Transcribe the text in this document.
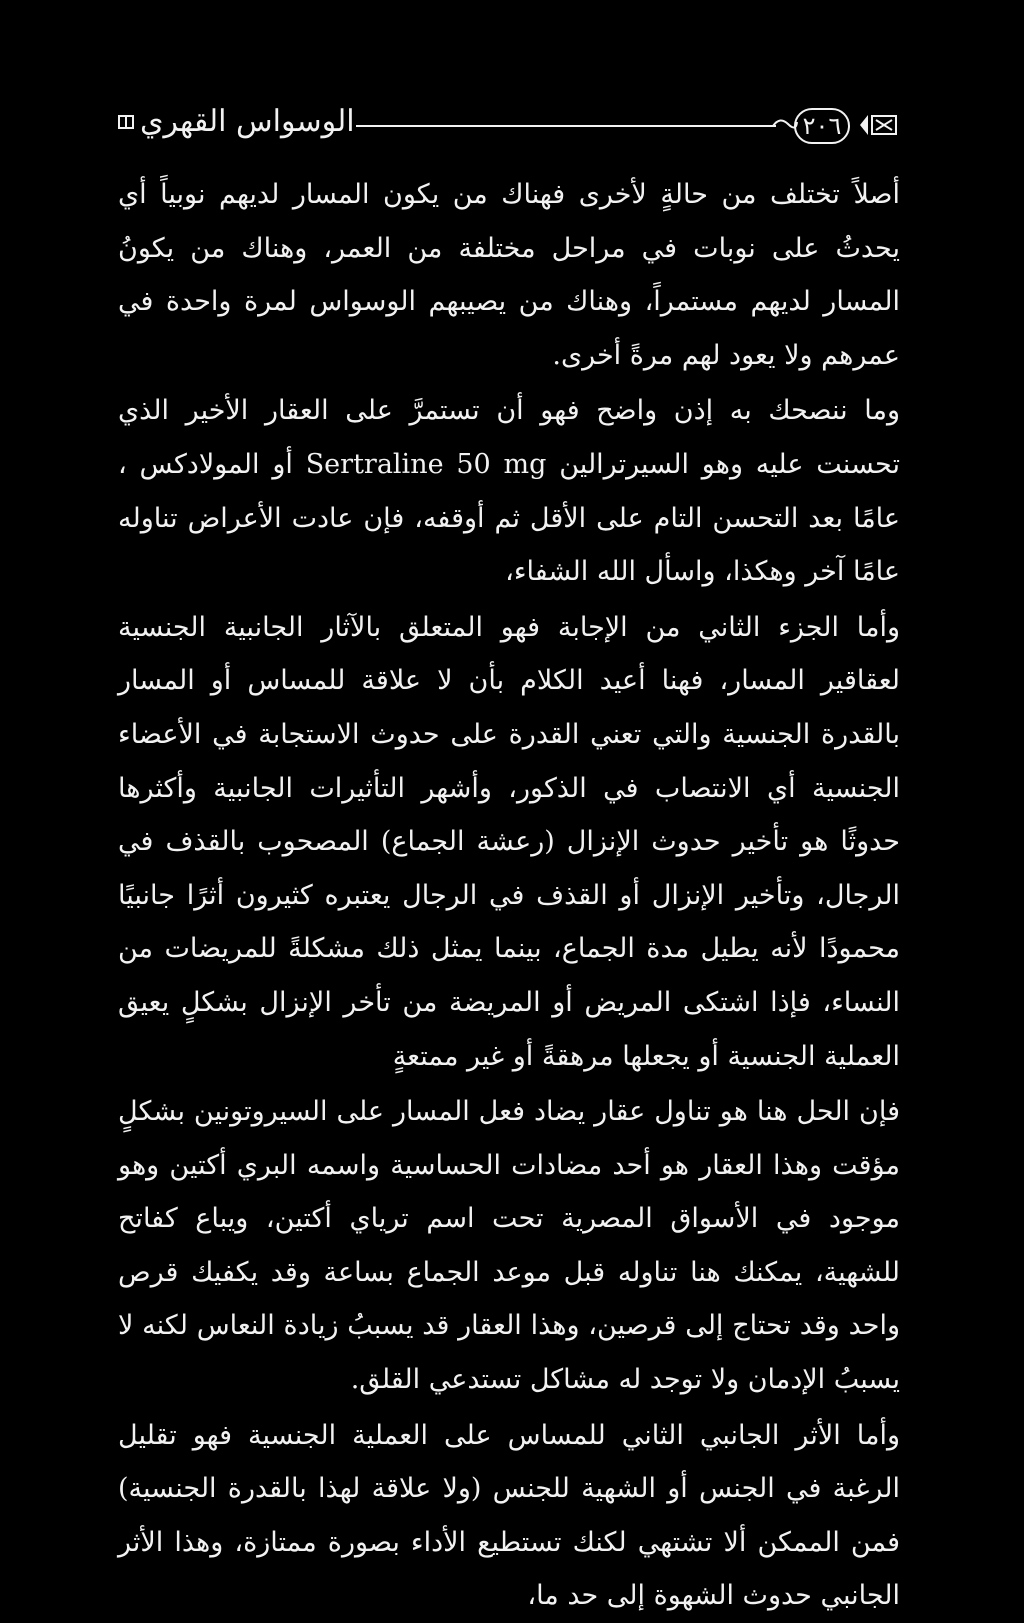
الوسواس القهري	٢٠٦

أصلاً تختلف من حالةٍ لأخرى فهناك من يكون المسار لديهم نوبياً أي يحدثُ على نوبات في مراحل مختلفة من العمر، وهناك من يكونُ المسار لديهم مستمراً، وهناك من يصيبهم الوسواس لمرة واحدة في عمرهم ولا يعود لهم مرةً أخرى.

وما ننصحك به إذن واضح فهو أن تستمرَّ على العقار الأخير الذي تحسنت عليه وهو السيرترالين Sertraline 50 mg أو المولادكس ، عامًا بعد التحسن التام على الأقل ثم أوقفه، فإن عادت الأعراض تناوله عامًا آخر وهكذا، واسأل الله الشفاء،

وأما الجزء الثاني من الإجابة فهو المتعلق بالآثار الجانبية الجنسية لعقاقير المسار، فهنا أعيد الكلام بأن لا علاقة للمساس أو المسار بالقدرة الجنسية والتي تعني القدرة على حدوث الاستجابة في الأعضاء الجنسية أي الانتصاب في الذكور، وأشهر التأثيرات الجانبية وأكثرها حدوثًا هو تأخير حدوث الإنزال (رعشة الجماع) المصحوب بالقذف في الرجال، وتأخير الإنزال أو القذف في الرجال يعتبره كثيرون أثرًا جانبيًا محمودًا لأنه يطيل مدة الجماع، بينما يمثل ذلك مشكلةً للمريضات من النساء، فإذا اشتكى المريض أو المريضة من تأخر الإنزال بشكلٍ يعيق العملية الجنسية أو يجعلها مرهقةً أو غير ممتعةٍ

فإن الحل هنا هو تناول عقار يضاد فعل المسار على السيروتونين بشكلٍ مؤقت وهذا العقار هو أحد مضادات الحساسية واسمه البري أكتين وهو موجود في الأسواق المصرية تحت اسم ترياي أكتين، ويباع كفاتح للشهية، يمكنك هنا تناوله قبل موعد الجماع بساعة وقد يكفيك قرص واحد وقد تحتاج إلى قرصين، وهذا العقار قد يسببُ زيادة النعاس لكنه لا يسببُ الإدمان ولا توجد له مشاكل تستدعي القلق.

وأما الأثر الجانبي الثاني للمساس على العملية الجنسية فهو تقليل الرغبة في الجنس أو الشهية للجنس (ولا علاقة لهذا بالقدرة الجنسية) فمن الممكن ألا تشتهي لكنك تستطيع الأداء بصورة ممتازة، وهذا الأثر الجانبي حدوث الشهوة إلى حد ما،
